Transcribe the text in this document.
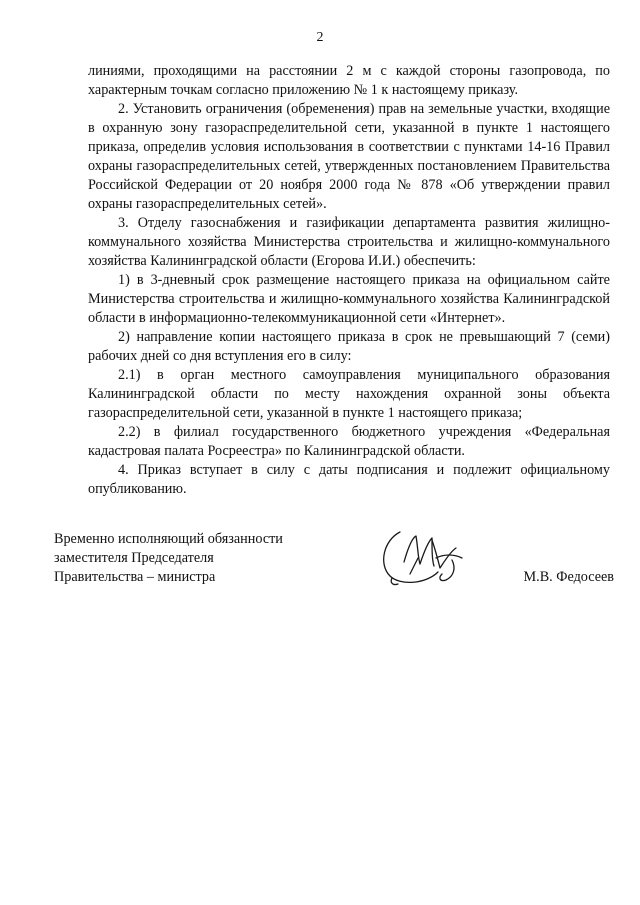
2

линиями, проходящими на расстоянии 2 м с каждой стороны газопровода, по характерным точкам согласно приложению № 1 к настоящему приказу.

2. Установить ограничения (обременения) прав на земельные участки, входящие в охранную зону газораспределительной сети, указанной в пункте 1 настоящего приказа, определив условия использования в соответствии с пунктами 14-16 Правил охраны газораспределительных сетей, утвержденных постановлением Правительства Российской Федерации от 20 ноября 2000 года № 878 «Об утверждении правил охраны газораспределительных сетей».

3. Отделу газоснабжения и газификации департамента развития жилищно-коммунального хозяйства Министерства строительства и жилищно-коммунального хозяйства Калининградской области (Егорова И.И.) обеспечить:

1) в 3-дневный срок размещение настоящего приказа на официальном сайте Министерства строительства и жилищно-коммунального хозяйства Калининградской области в информационно-телекоммуникационной сети «Интернет».

2) направление копии настоящего приказа в срок не превышающий 7 (семи) рабочих дней со дня вступления его в силу:

2.1) в орган местного самоуправления муниципального образования Калининградской области по месту нахождения охранной зоны объекта газораспределительной сети, указанной в пункте 1 настоящего приказа;

2.2) в филиал государственного бюджетного учреждения «Федеральная кадастровая палата Росреестра» по Калининградской области.

4. Приказ вступает в силу с даты подписания и подлежит официальному опубликованию.

Временно исполняющий обязанности
заместителя Председателя
Правительства – министра	М.В. Федосеев
